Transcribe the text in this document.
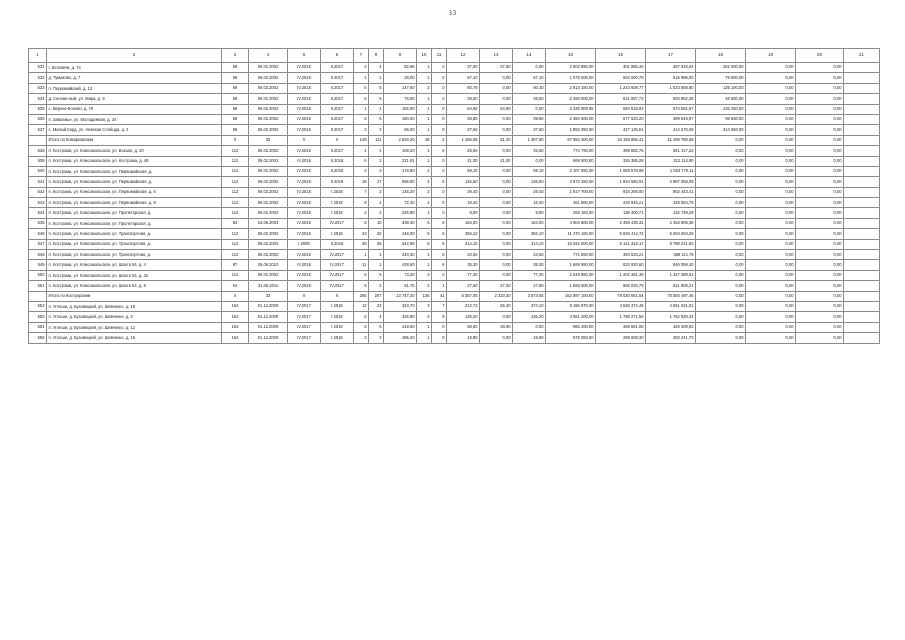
13
1	2	3	4	5	6	7	8	9	10	11	12	13	14	15	16	17	18	19	20	21
531	г. Котовичи, д. 74	68	06.02.2002	IV.2016	II.2017	3	4	82,96	1	0	37,80	37,80	0,00	2 603 896,00	301 985,46	367 918,54	252 000,00	0,00	0,00	
532	д. Тумаково, д. 7	68	06.02.2002	IV.2016	II.2017	1	1	28,00	1	0	67,10	0,00	67,10	1 079 000,00	604 000,78	515 996,00	79 500,00	0,00	0,00	
533	п. Первомайский, д. 13	68	06.02.2002	IV.2016	II.2017	5	5	147,60	2	0	60,78	0,00	00,40	2 813 150,00	1 243 608,77	1 523 668,80	125 100,00	0,00	0,00	
534	д. Сенная-ный, ул. Мира, д. 9	68	06.02.2002	IV.2016	II.2017	5	5	75,00	1	0	39,60	0,00	39,60	2 256 000,00	621 857,72	594 962,28	48 600,00	0,00	0,00	
535	с. Верхне-Колово, д. 75	68	06.02.2002	IV.2016	II.2017	1	1	156,00	1	0	64,90	64,90	0,00	3 325 008,96	694 519,93	574 591,87	135 250,00	0,00	0,00	
536	п. Заволжье, ул. Молодежная, д. 34	68	06.02.2002	IV.2016	II.2017	5	5	160,00	1	0	39,80	0,00	39,80	2 284 000,00	677 620,20	399 649,97	98 630,00	0,00	0,00	
537	с. Малый Корд, ул. Невская Слобода, д. 2	68	06.02.2002	IV.2016	II.2017	2	2	66,00	1	0	37,60	0,00	37,60	1 852 350,00	427 125,51	414 676,48	314 650,00	0,00	0,00	
	Итого по Комарковским	X	33	X	X	148	111	2 849,20	48	2	1 456,08	61,40	1 387,60	67 653 300,00	33 159 856,41	21 498 785,59	0,00	0,00	0,00	
538	п. Кострома, ул. Комсомольская, ул. Вокзал, д. 20	112	06.02.2002	IV.2016	II.2017	4	4	108,20	1	6	25,60	0,00	25,60	774 790,00	399 682,76	361 417,22	0,00	0,00	0,00	
539	п. Кострома, ул. Комсомольская, ул. Кострома, д. 48	112	06.02.2002	IV.2016	II.2018	6	2	221,91	1	0	21,00	21,00	0,00	668 500,00	326 385,28	312 114,90	0,00	0,00	0,00	
540	п. Кострома, ул. Комсомольская, ул. Первомайская, д.	112	06.02.2002	IV.2016	II.2018	3	3	179,80	2	0	69,10	0,00	69,10	2 107 550,00	1 069 579,89	1 053 775,11	0,00	0,00	0,00	
541	п. Кострома, ул. Комсомольская, ул. Первомайская, д.	112	06.02.2002	IV.2016	II.2018	19	27	696,50	4	6	126,50	0,00	126,50	3 872 150,00	1 934 580,91	2 897 569,09	0,00	0,00	0,00	
542	п. Кострома, ул. Комсомольская, ул. Первомайская, д. 6	112	06.02.2002	IV.2016	I.2018	7	2	145,20	2	0	29,40	0,00	29,40	1 817 700,00	915 256,00	902 443,41	0,00	0,00	0,00	
543	п. Кострома, ул. Комсомольская, ул. Первомайская, д. 8	112	06.02.2002	IV.2016	I.2018	9	4	72,40	1	0	18,40	0,00	18,40	451 500,00	225 945,21	225 554,79	0,00	0,00	0,00	
544	п. Кострома, ул. Комсомольская, ул. Пролетарская, д.	112	06.02.2002	IV.2016	I.2018	2	2	226,80	1	0	9,80	0,00	9,80	268 150,00	135 400,71	132 749,29	0,00	0,00	0,00	
545	п. Кострома, ул. Комсомольская, ул. Пролетарская, д.	84	24.06.2003	IV.2016	IV.2017	5	10	338,40	6	5	164,00	0,00	164,00	4 904 800,00	2 458 435,31	2 453 905,38	0,00	0,00	0,00	
546	п. Кострома, ул. Комсомольская, ул. Транспортная, д.	112	06.02.2002	IV.2016	I.2018	23	20	448,00	9	6	356,10	0,00	356,10	11 470 180,00	5 826 414,72	5 663 663,28	0,00	0,00	0,00	
547	п. Кострома, ул. Комсомольская, ул. Транспортная, д.	112	06.02.2002	I.2008	II.2018	29	26	542,99	8	8	314,10	0,00	314,10	10 022 000,00	5 141 318,17	5 780 231,83	0,00	0,00	0,00	
548	п. Кострома, ул. Комсомольская, ул. Транспортная, д.	112	06.02.2002	IV.2016	IV.2017	1	1	240,30	1	0	23,50	0,00	23,50	771 650,00	393 525,21	388 114,79	0,00	0,00	0,00	
549	п. Кострома, ул. Комсомольская, ул. Шахта 54, д. 4	87	25.06.2010	IV.2016	IV.2017	11	1	428,60	1	6	35,30	0,00	35,30	1 669 990,00	822 930,60	846 059,40	0,00	0,00	0,00	
550	п. Кострома, ул. Комсомольская, ул. Шахта 54, д. 42	112	06.02.2002	IV.2016	IV.2017	5	5	73,20	3	0	77,30	0,00	77,30	2 549 850,00	1 202 461,39	1 347 388,61	0,00	0,00	0,00	
551	п. Кострома, ул. Комсомольская, ул. Шахта 54, д. 5	64	31.05.2011	IV.2016	IV.2017	5	2	51,70	2	1	27,50	27,50	27,50	1 668 500,00	866 026,79	821 809,21	0,00	0,00	0,00	
	Итого по Кострорским	X	33	X	X	266	207	13 747,20	136	41	5 387,05	2 333,30	3 573,55	152 897 100,00	78 030 661,54	70 584 497,46	0,00	0,00	0,00	
552	п. Углеши, д. Бузовецкий, ул. Шевченко, д. 19	164	01.12.2009	IV.2017	I.2018	12	23	323,70	3	7	212,72	55,40	274,10	9 186 970,00	4 525 372,49	4 661 631,51	0,00	0,00	0,00	
553	п. Углеши, д. Бузовецкий, ул. Шевченко, д. 2	164	01.12.2009	IV.2017	I.2018	5	4	325,90	3	9	136,20	0,00	136,20	3 561 200,00	1 798 271,56	1 762 928,44	0,00	0,00	0,00	
554	п. Углеши, д. Бузовецкий, ул. Шевченко, д. 12	164	01.12.2009	IV.2017	I.2018	5	5	419,60	1	0	58,60	28,90	0,00	966 200,00	459 891,08	426 308,92	0,00	0,00	0,00	
555	п. Углеши, д. Бузовецкий, ул. Шевченко, д. 16	164	01.12.2009	IV.2017	I.2018	2	2	485,20	1	0	19,80	0,00	19,80	579 050,00	298 608,30	283 441,70	0,00	0,00	0,00	
